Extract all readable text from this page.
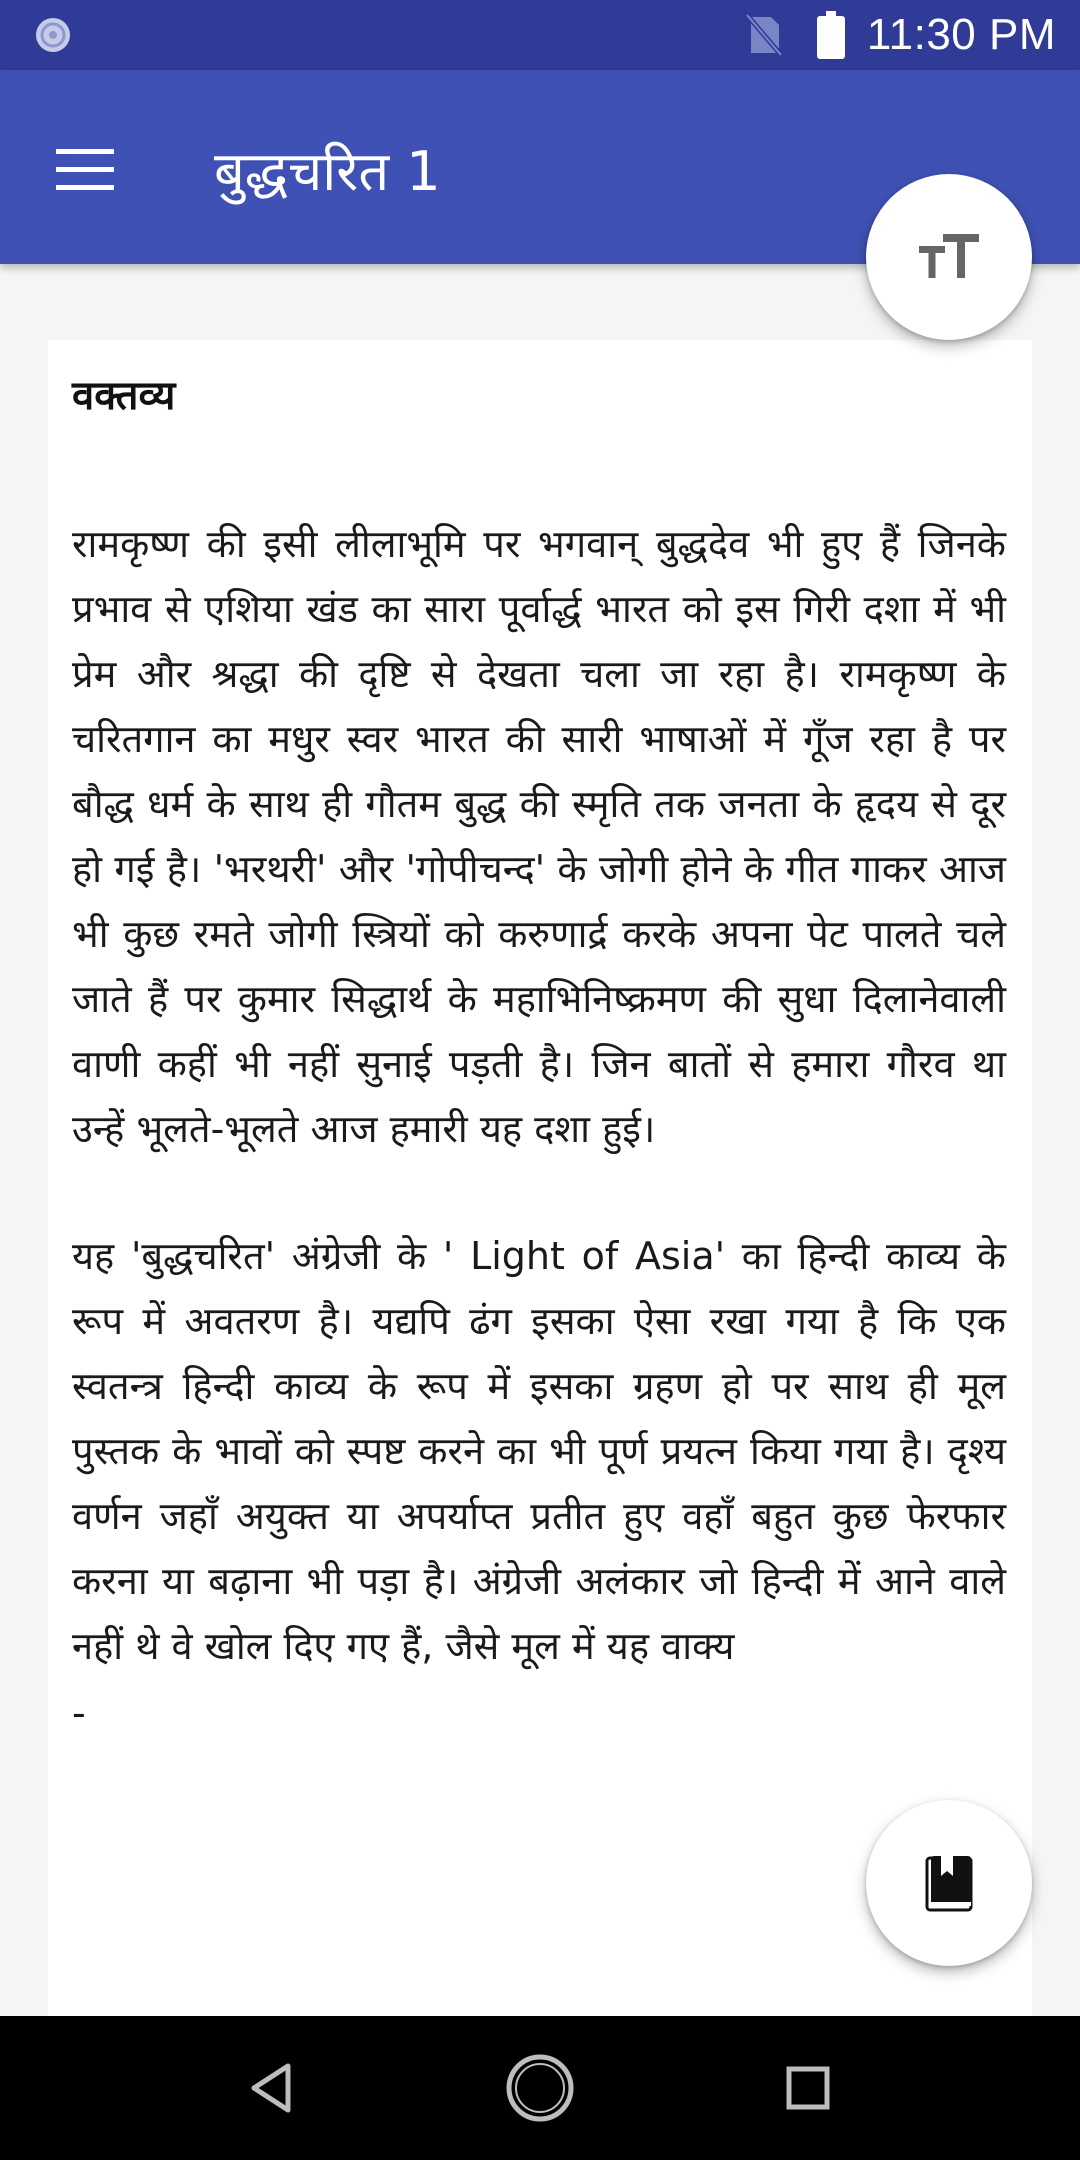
11:30 PM
बुद्धचरित 1
वक्तव्य

रामकृष्ण की इसी लीलाभूमि पर भगवान् बुद्धदेव भी हुए हैं जिनके प्रभाव से एशिया खंड का सारा पूर्वार्द्ध भारत को इस गिरी दशा में भी प्रेम और श्रद्धा की दृष्टि से देखता चला जा रहा है। रामकृष्ण के चरितगान का मधुर स्वर भारत की सारी भाषाओं में गूँज रहा है पर बौद्ध धर्म के साथ ही गौतम बुद्ध की स्मृति तक जनता के हृदय से दूर हो गई है। 'भरथरी' और 'गोपीचन्द' के जोगी होने के गीत गाकर आज भी कुछ रमते जोगी स्त्रियों को करुणार्द्र करके अपना पेट पालते चले जाते हैं पर कुमार सिद्धार्थ के महाभिनिष्क्रमण की सुधा दिलानेवाली वाणी कहीं भी नहीं सुनाई पड़ती है। जिन बातों से हमारा गौरव था उन्हें भूलते-भूलते आज हमारी यह दशा हुई।

यह 'बुद्धचरित' अंग्रेजी के ' Light of Asia' का हिन्दी काव्य के रूप में अवतरण है। यद्यपि ढंग इसका ऐसा रखा गया है कि एक स्वतन्त्र हिन्दी काव्य के रूप में इसका ग्रहण हो पर साथ ही मूल पुस्तक के भावों को स्पष्ट करने का भी पूर्ण प्रयत्न किया गया है। दृश्य वर्णन जहाँ अयुक्त या अपर्याप्त प्रतीत हुए वहाँ बहुत कुछ फेरफार करना या बढ़ाना भी पड़ा है। अंग्रेजी अलंकार जो हिन्दी में आने वाले नहीं थे वे खोल दिए गए हैं, जैसे मूल में यह वाक्य

-
